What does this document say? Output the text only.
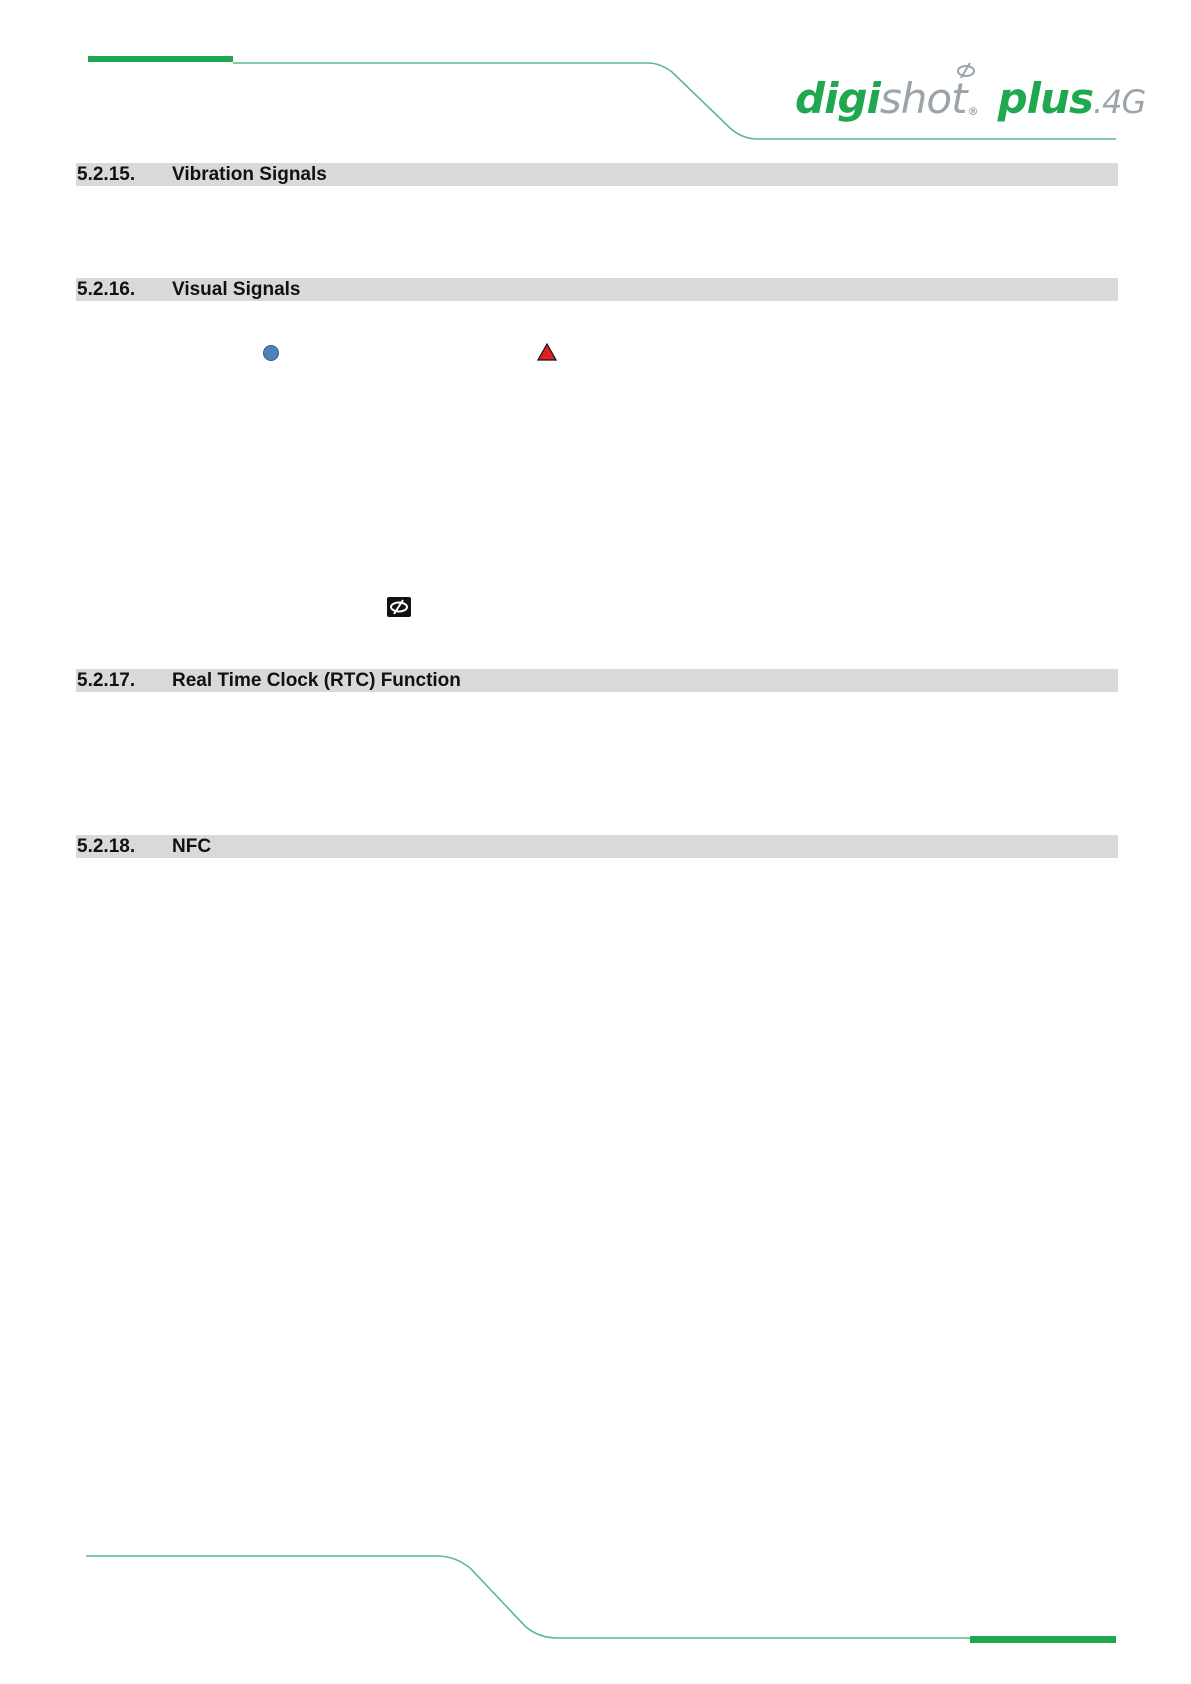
digishot® plus.4G
5.2.15.	Vibration Signals
5.2.16.	Visual Signals
5.2.17.	Real Time Clock (RTC) Function
5.2.18.	NFC
